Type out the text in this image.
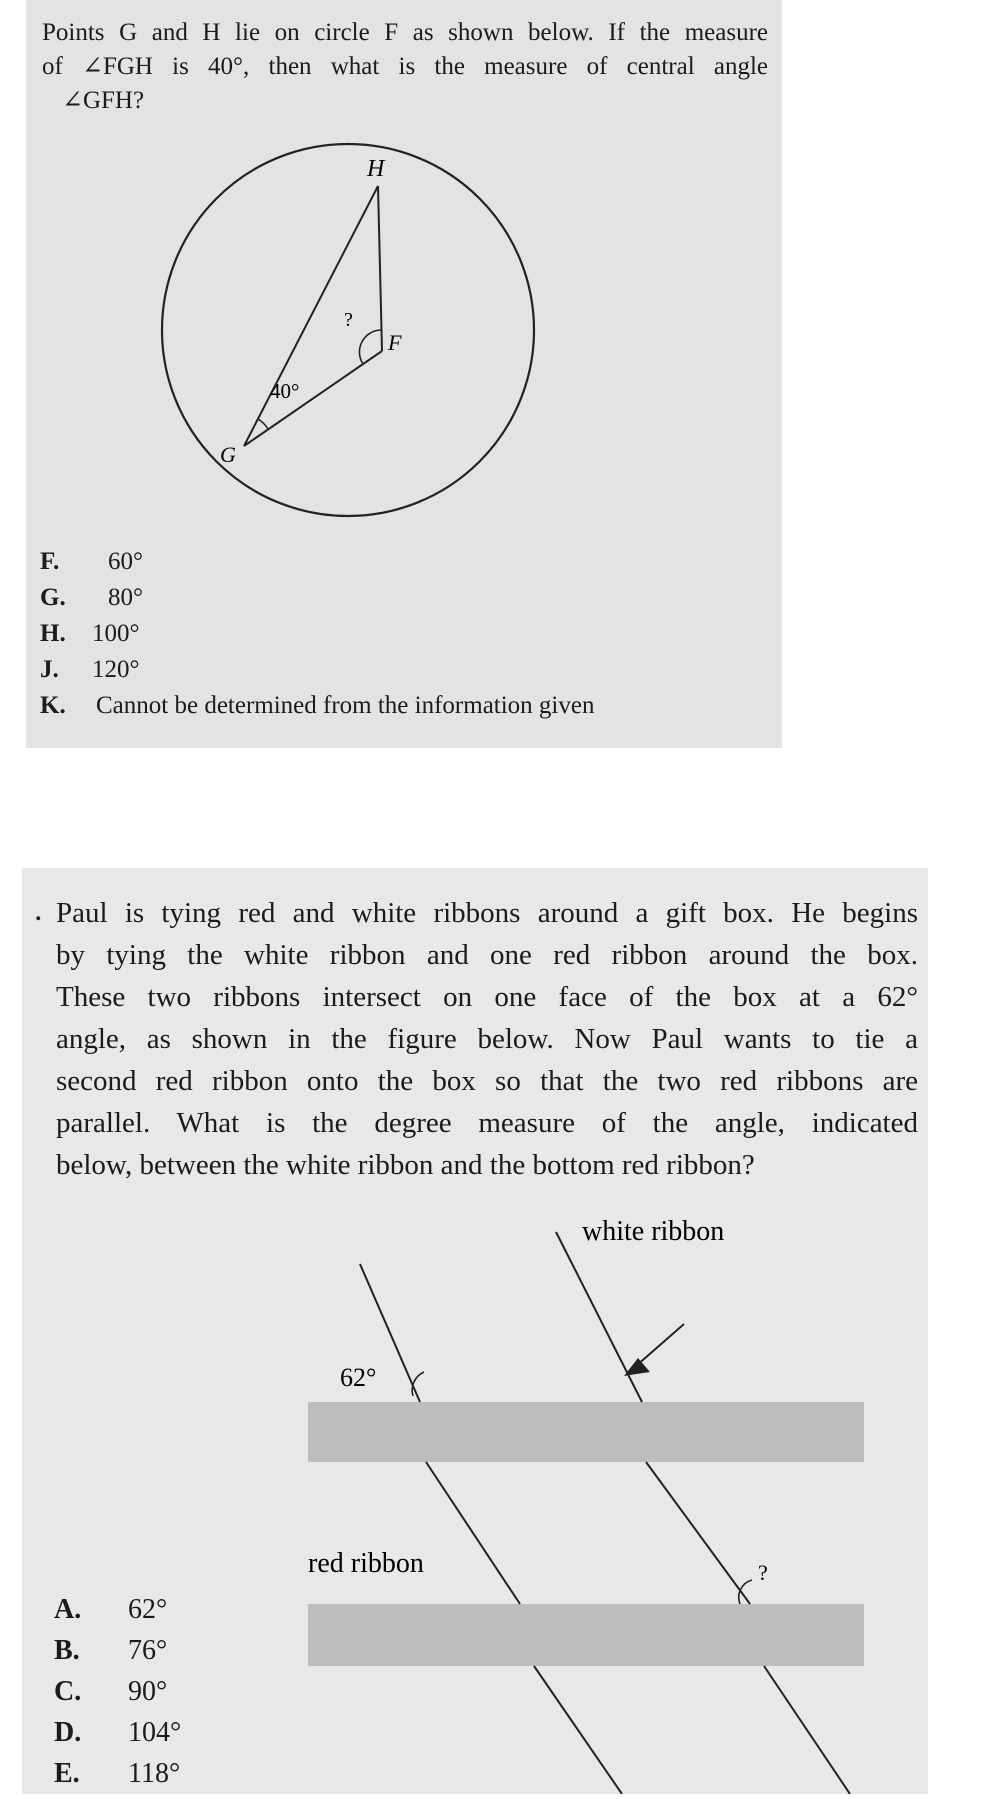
Points G and H lie on circle F as shown below. If the measure
of ∠FGH is 40°, then what is the measure of central angle
∠GFH?
H
F
G
40°
?
F. 60°
G. 80°
H. 100°
J. 120°
K. Cannot be determined from the information given
. Paul is tying red and white ribbons around a gift box. He begins
by tying the white ribbon and one red ribbon around the box.
These two ribbons intersect on one face of the box at a 62°
angle, as shown in the figure below. Now Paul wants to tie a
second red ribbon onto the box so that the two red ribbons are
parallel. What is the degree measure of the angle, indicated
below, between the white ribbon and the bottom red ribbon?
white ribbon
red ribbon
62°
?
A. 62°
B. 76°
C. 90°
D. 104°
E. 118°
